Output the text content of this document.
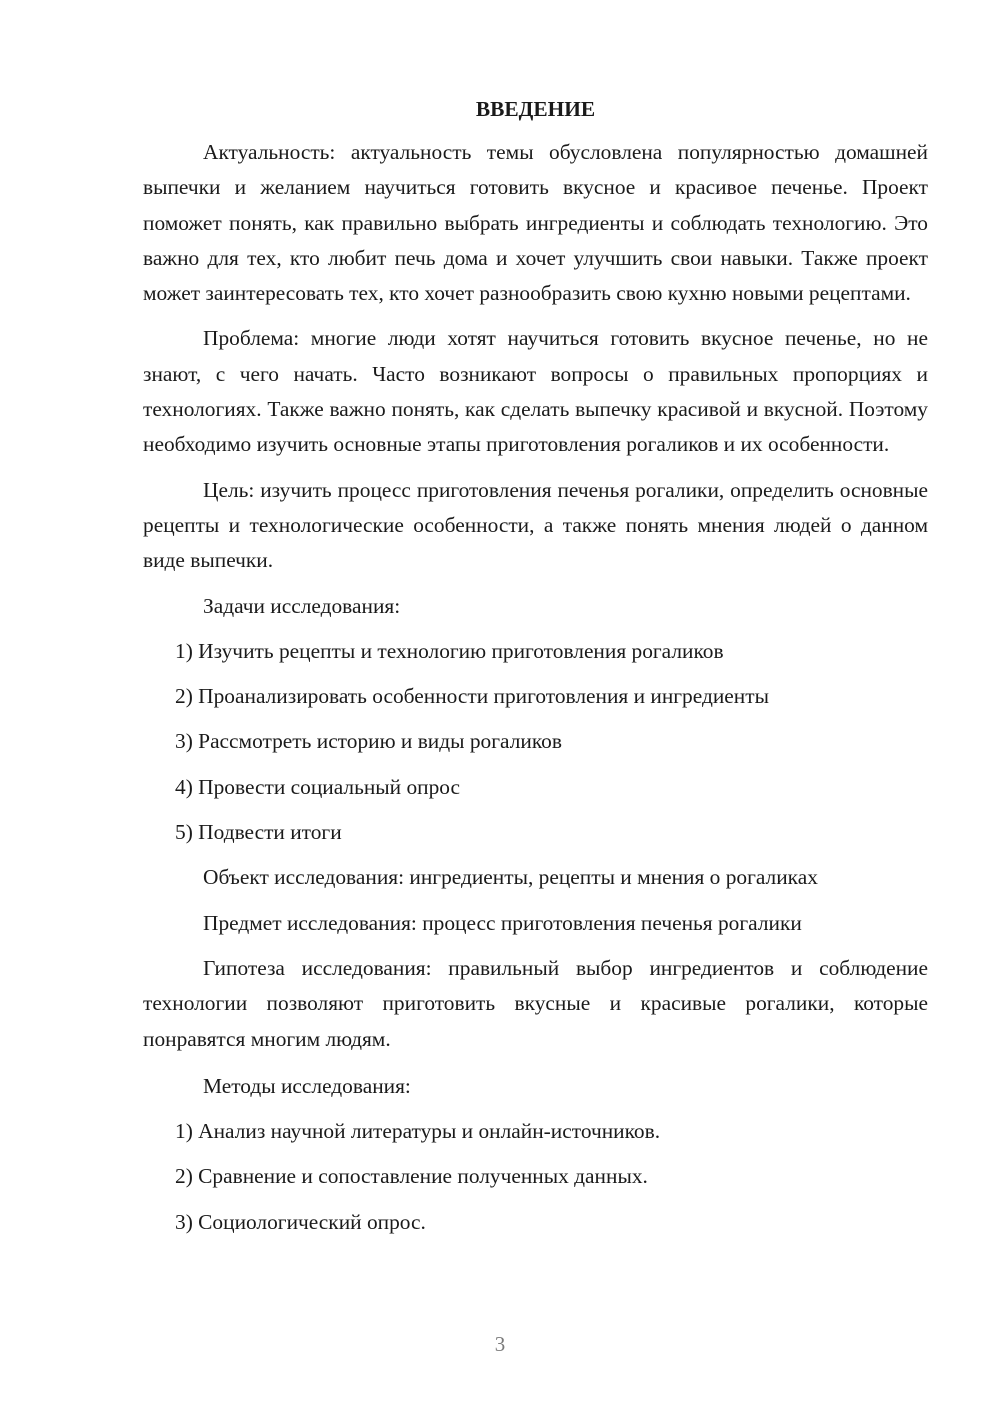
ВВЕДЕНИЕ

Актуальность: актуальность темы обусловлена популярностью домашней выпечки и желанием научиться готовить вкусное и красивое печенье. Проект поможет понять, как правильно выбрать ингредиенты и соблюдать технологию. Это важно для тех, кто любит печь дома и хочет улучшить свои навыки. Также проект может заинтересовать тех, кто хочет разнообразить свою кухню новыми рецептами.

Проблема: многие люди хотят научиться готовить вкусное печенье, но не знают, с чего начать. Часто возникают вопросы о правильных пропорциях и технологиях. Также важно понять, как сделать выпечку красивой и вкусной. Поэтому необходимо изучить основные этапы приготовления рогаликов и их особенности.

Цель: изучить процесс приготовления печенья рогалики, определить основные рецепты и технологические особенности, а также понять мнения людей о данном виде выпечки.

Задачи исследования:
1) Изучить рецепты и технологию приготовления рогаликов
2) Проанализировать особенности приготовления и ингредиенты
3) Рассмотреть историю и виды рогаликов
4) Провести социальный опрос
5) Подвести итоги
Объект исследования: ингредиенты, рецепты и мнения о рогаликах
Предмет исследования: процесс приготовления печенья рогалики

Гипотеза исследования: правильный выбор ингредиентов и соблюдение технологии позволяют приготовить вкусные и красивые рогалики, которые понравятся многим людям.

Методы исследования:
1) Анализ научной литературы и онлайн-источников.
2) Сравнение и сопоставление полученных данных.
3) Социологический опрос.
3
